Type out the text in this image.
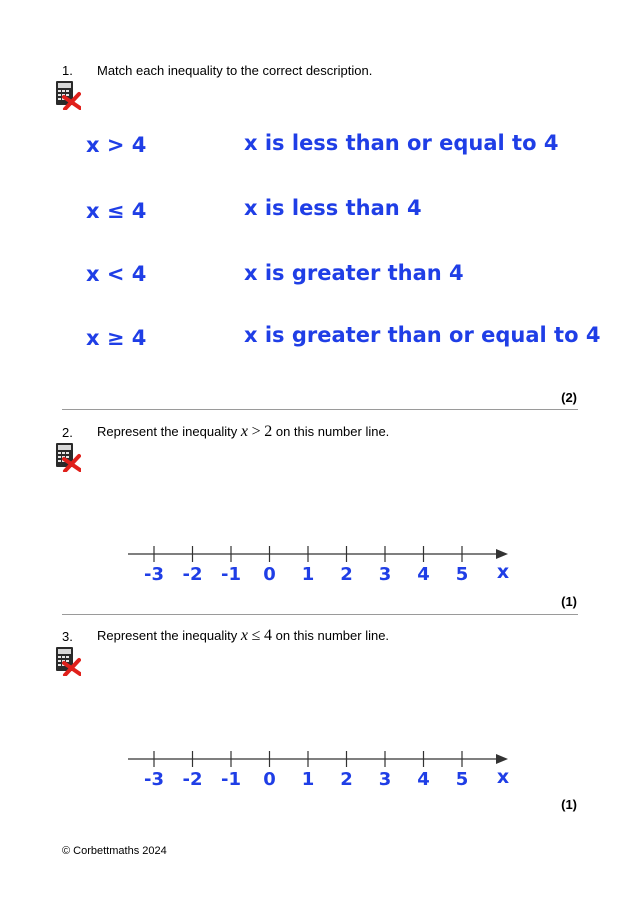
1. Match each inequality to the correct description.
x > 4
x ≤ 4
x < 4
x ≥ 4
x is less than or equal to 4
x is less than 4
x is greater than 4
x is greater than or equal to 4
(2)
2. Represent the inequality x > 2 on this number line.
-3 -2 -1 0 1 2 3 4 5 x
(1)
3. Represent the inequality x ≤ 4 on this number line.
-3 -2 -1 0 1 2 3 4 5 x
(1)
© Corbettmaths 2024
